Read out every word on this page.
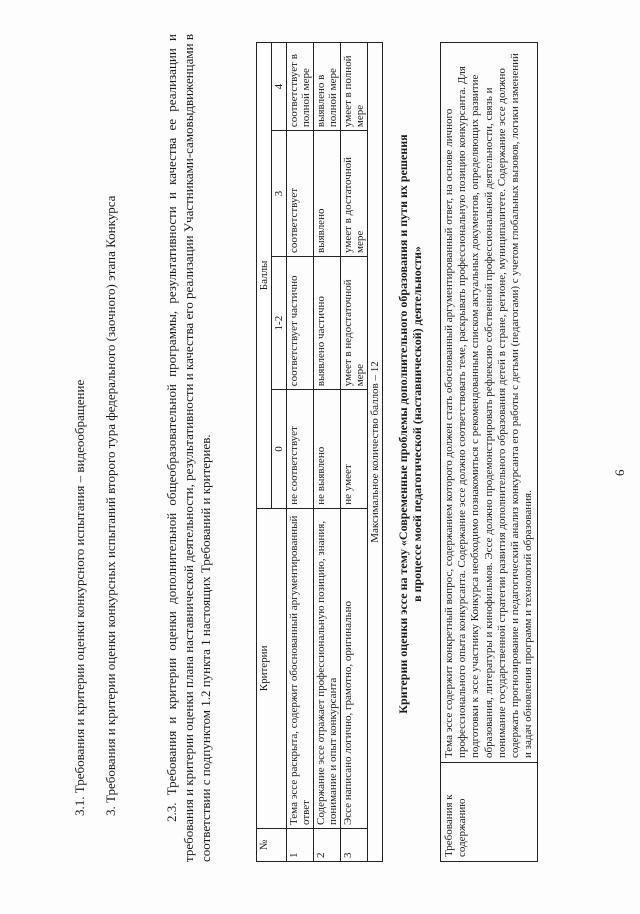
6
Требования к содержанию	Тема эссе содержит конкретный вопрос, содержанием которого должен стать обоснованный аргументированный ответ, на основе личного профессионального опыта конкурсанта. Содержание эссе должно соответствовать теме, раскрывать профессиональную позицию конкурсанта. Для подготовки к эссе участнику Конкурса необходимо познакомиться с рекомендованным списком актуальных документов, определяющих развитие образования, литературы и кинофильмов. Эссе должно продемонстрировать рефлексию собственной профессиональной деятельности, связь и понимание государственной стратегии развития дополнительного образования детей в стране, регионе, муниципалитете. Содержание эссе должно содержать прогнозирование и педагогический анализ конкурсанта его работы с детьми (педагогами) с учетом глобальных вызовов, логики изменений и задач обновления программ и технологий образования.
Критерии оценки эссе на тему «Современные проблемы дополнительного образования и пути их решения в процессе моей педагогической (наставнической) деятельности»
№	Критерии	Баллы			
		0	1-2	3	4
1	Тема эссе раскрыта, содержит обоснованный аргументированный ответ	не соответствует	соответствует частично	соответствует	соответствует в полной мере
2	Содержание эссе отражает профессиональную позицию, знания, понимание и опыт конкурсанта	не выявлено	выявлено частично	выявлено	выявлено в полной мере
3	Эссе написано логично, грамотно, оригинально	не умеет	умеет в недостаточной мере	умеет в достаточной мере	умеет в полной мере
Максимальное количество баллов – 12					

2.3. Требования и критерии оценки дополнительной общеобразовательной программы, результативности и качества ее реализации и требования и критерии оценки плана наставнической деятельности, результативности и качества его реализации Участниками-самовыдвиженцами в соответствии с подпунктом 1.2 пункта 1 настоящих Требований и критериев.

3. Требования и критерии оценки конкурсных испытаний второго тура федерального (заочного) этапа Конкурса
3.1. Требования и критерии оценки конкурсного испытания – видеообращение
